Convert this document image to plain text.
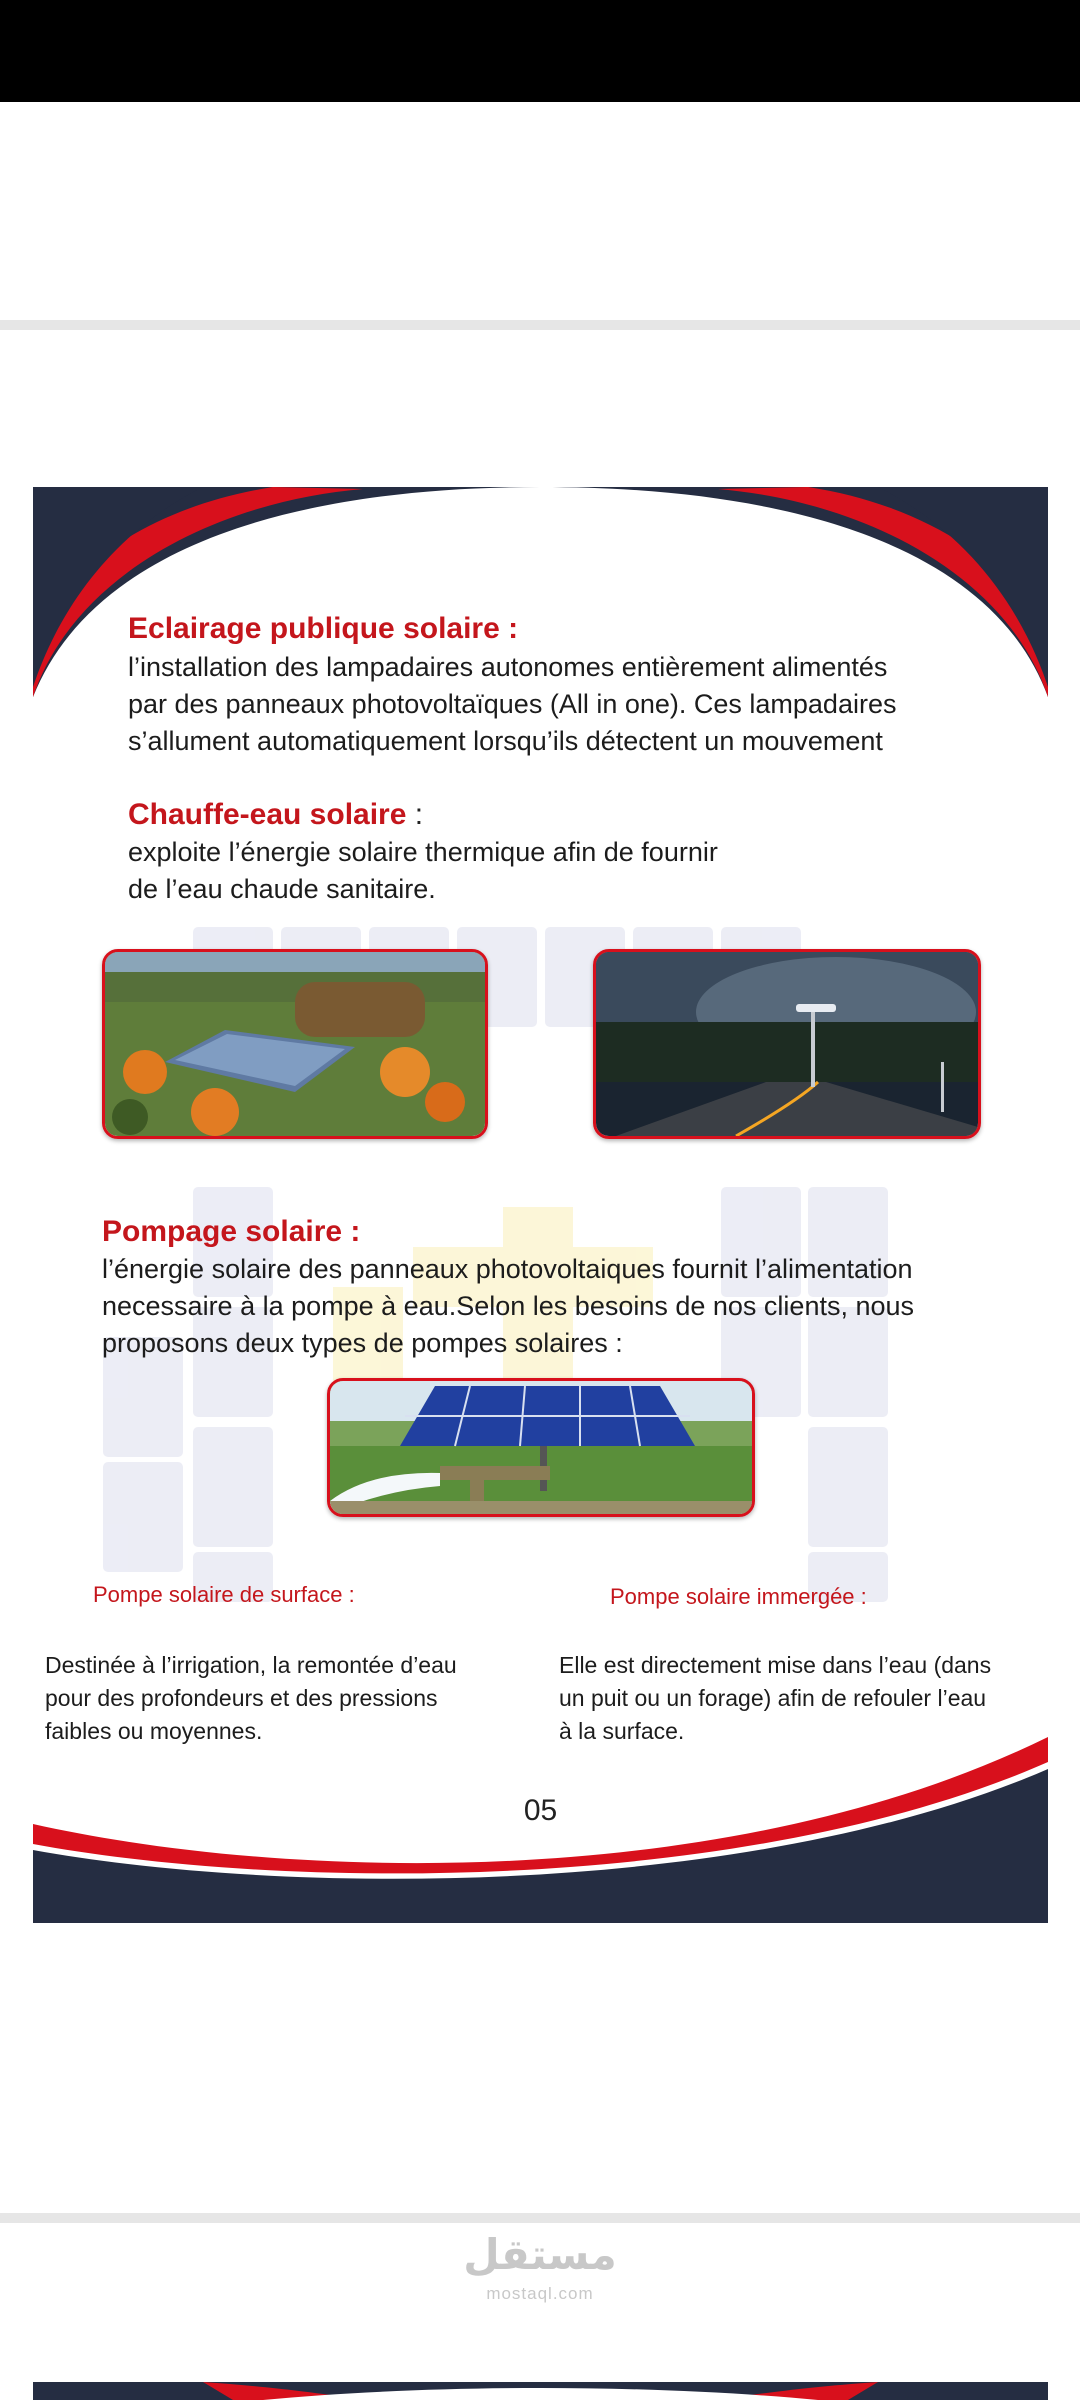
Eclairage publique solaire :
l’installation des lampadaires autonomes entièrement alimentés
par des panneaux photovoltaïques (All in one). Ces lampadaires
s’allument automatiquement lorsqu’ils détectent un mouvement
Chauffe-eau solaire :
exploite l’énergie solaire thermique afin de fournir
de l’eau chaude sanitaire.
Pompage solaire :
l’énergie solaire des panneaux photovoltaiques fournit l’alimentation
necessaire à la pompe à eau.Selon les besoins de nos clients, nous
proposons deux types de pompes solaires :
Pompe solaire de surface :
Destinée à l’irrigation, la remontée d’eau
pour des profondeurs et des pressions
faibles ou moyennes.
Pompe solaire immergée :
Elle est directement mise dans l’eau (dans
un puit ou un forage) afin de refouler l’eau
à la surface.
05
مستقل
mostaql.com
